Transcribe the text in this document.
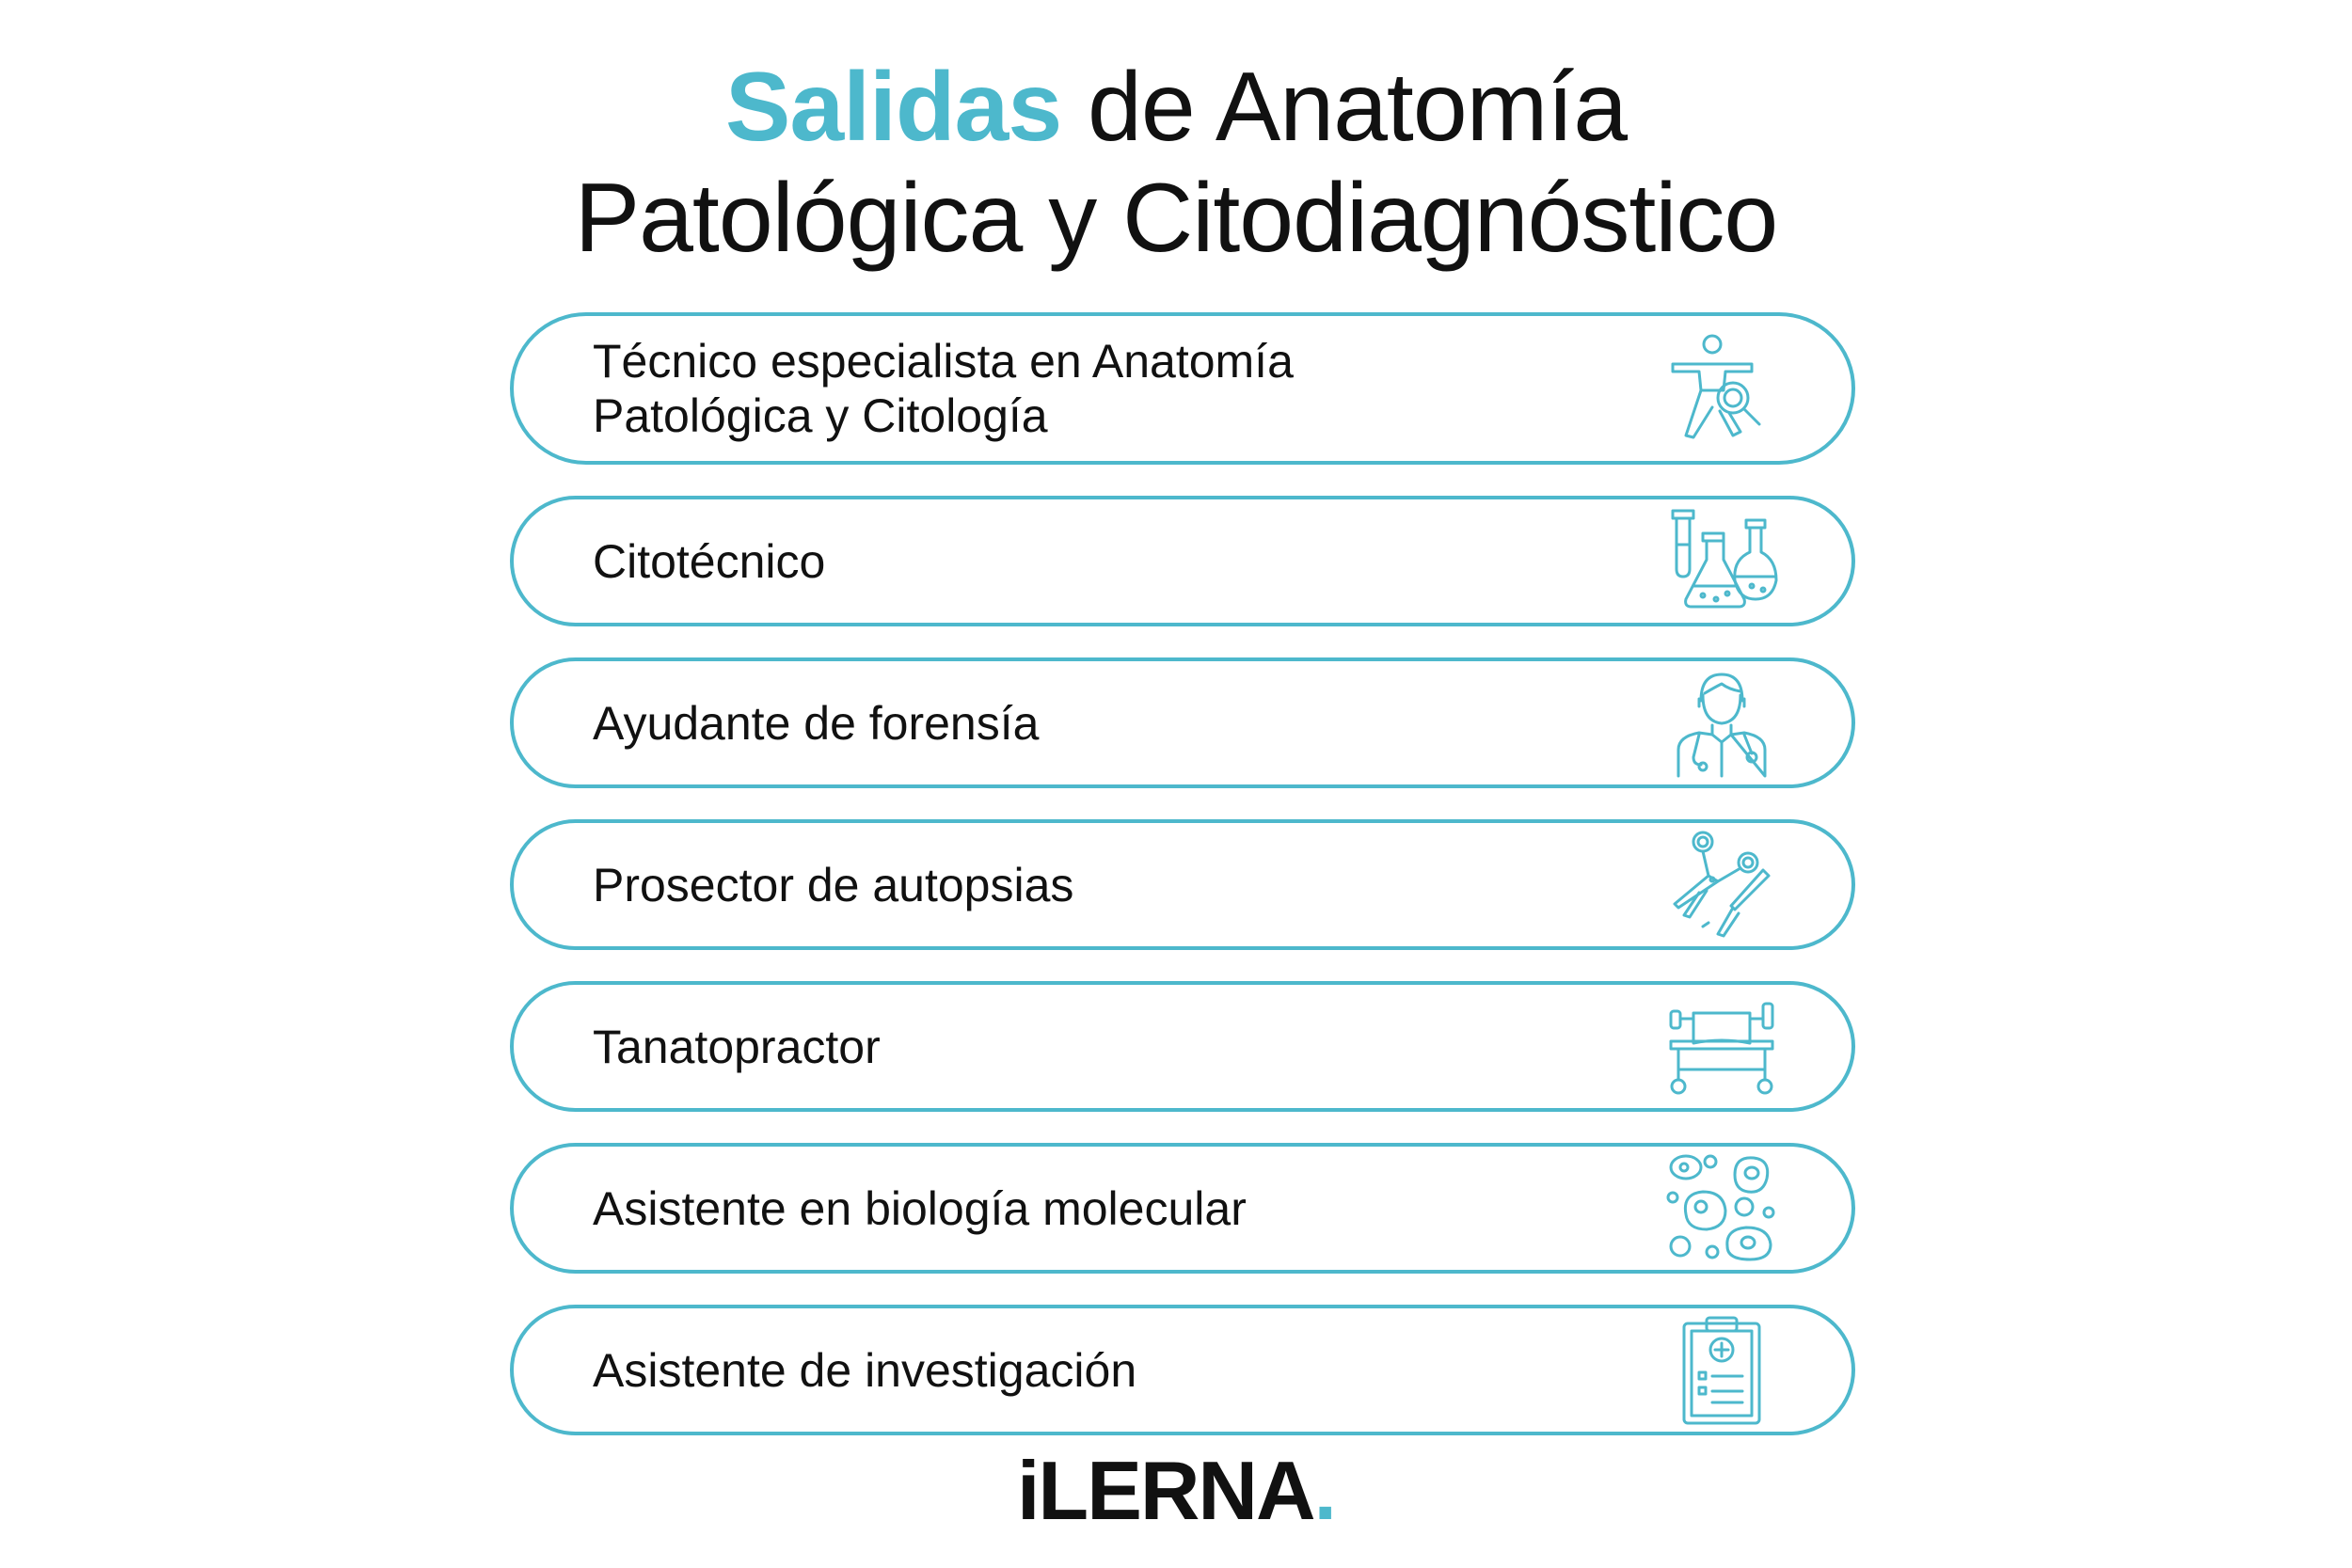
Salidas de Anatomía
Patológica y Citodiagnóstico
Técnico especialista en Anatomía
Patológica y Citología
Citotécnico
Ayudante de forensía
Prosector de autopsias
Tanatopractor
Asistente en biología molecular
Asistente de investigación
iLERNA.
